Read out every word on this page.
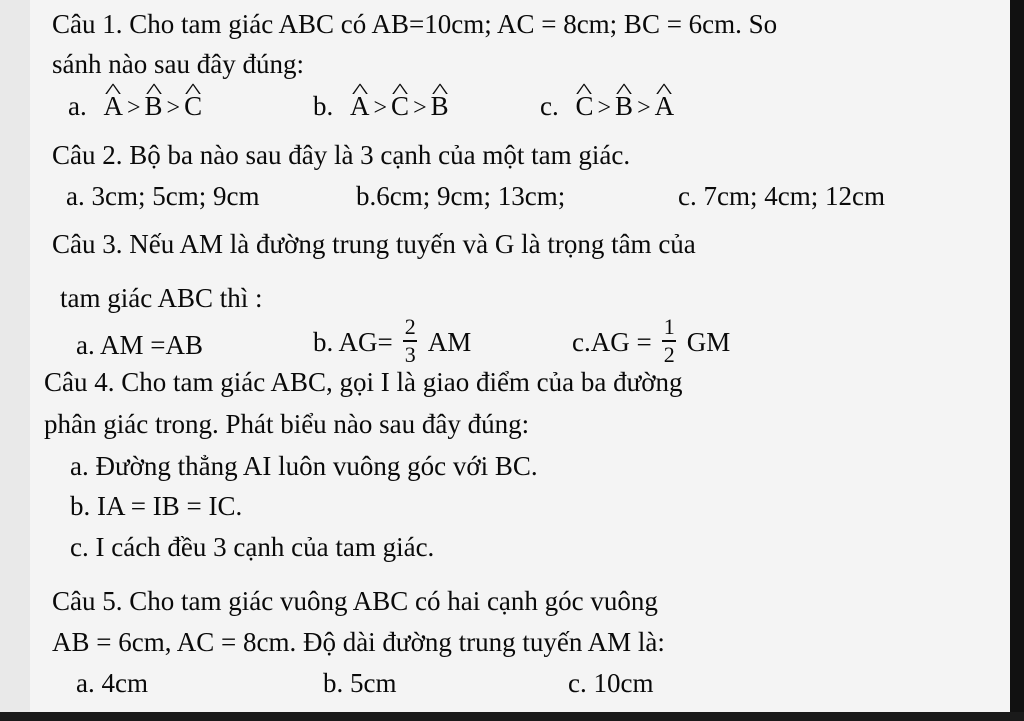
Câu 1. Cho tam giác ABC có AB=10cm; AC = 8cm; BC = 6cm. So
sánh nào sau đây đúng:
a. ^ A > ^ B > ^ C	b. ^ A > ^ C > ^ B	c. ^ C > ^ B > ^ A
Câu 2. Bộ ba nào sau đây là 3 cạnh của một tam giác.
a. 3cm; 5cm; 9cm	b.6cm; 9cm; 13cm;	c. 7cm; 4cm; 12cm
Câu 3. Nếu AM là đường trung tuyến và G là trọng tâm của
tam giác ABC thì :
a. AM =AB	b. $AG= \frac{2}{3}$ AM	$c.AG = \frac{1}{2}$ GM
Câu 4. Cho tam giác ABC, gọi I là giao điểm của ba đường
phân giác trong. Phát biểu nào sau đây đúng:
a. Đường thẳng AI luôn vuông góc với BC.
b. IA = IB = IC.
c. I cách đều 3 cạnh của tam giác.
Câu 5. Cho tam giác vuông ABC có hai cạnh góc vuông
AB = 6cm, AC = 8cm. Độ dài đường trung tuyến AM là:
a. 4cm	b. 5cm	c. 10cm
